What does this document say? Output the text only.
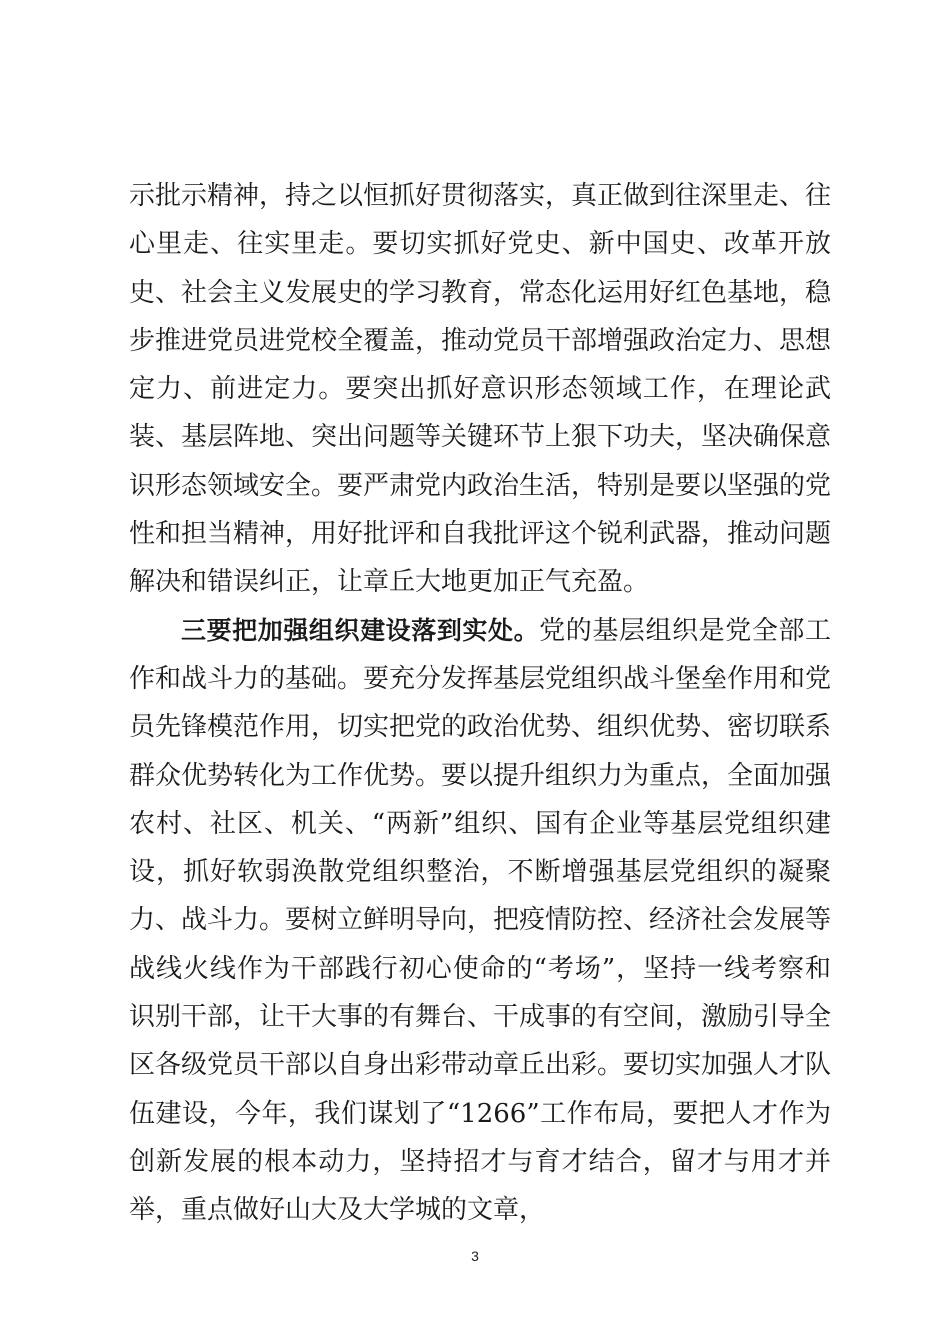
示批示精神，持之以恒抓好贯彻落实，真正做到往深里走、往心里走、往实里走。要切实抓好党史、新中国史、改革开放史、社会主义发展史的学习教育，常态化运用好红色基地，稳步推进党员进党校全覆盖，推动党员干部增强政治定力、思想定力、前进定力。要突出抓好意识形态领域工作，在理论武装、基层阵地、突出问题等关键环节上狠下功夫，坚决确保意识形态领域安全。要严肃党内政治生活，特别是要以坚强的党性和担当精神，用好批评和自我批评这个锐利武器，推动问题解决和错误纠正，让章丘大地更加正气充盈。

三要把加强组织建设落到实处。党的基层组织是党全部工作和战斗力的基础。要充分发挥基层党组织战斗堡垒作用和党员先锋模范作用，切实把党的政治优势、组织优势、密切联系群众优势转化为工作优势。要以提升组织力为重点，全面加强农村、社区、机关、“两新”组织、国有企业等基层党组织建设，抓好软弱涣散党组织整治，不断增强基层党组织的凝聚力、战斗力。要树立鲜明导向，把疫情防控、经济社会发展等战线火线作为干部践行初心使命的“考场”，坚持一线考察和识别干部，让干大事的有舞台、干成事的有空间，激励引导全区各级党员干部以自身出彩带动章丘出彩。要切实加强人才队伍建设，今年，我们谋划了“1266”工作布局，要把人才作为创新发展的根本动力，坚持招才与育才结合，留才与用才并举，重点做好山大及大学城的文章，

3
